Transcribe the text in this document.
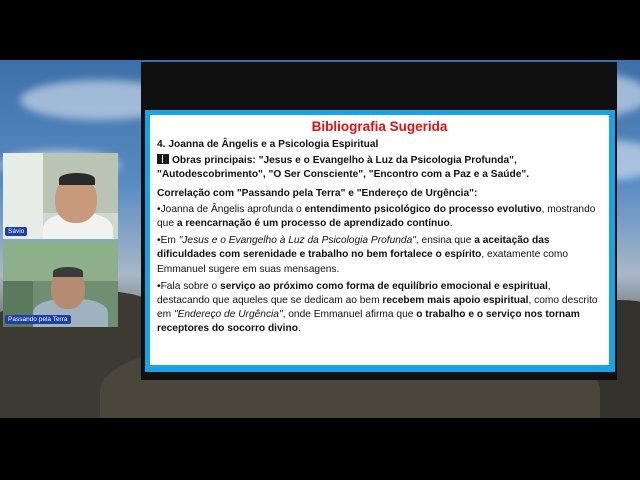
Bibliografia Sugerida

4. Joanna de Ângelis e a Psicologia Espiritual

Obras principais: "Jesus e o Evangelho à Luz da Psicologia Profunda", "Autodescobrimento", "O Ser Consciente", "Encontro com a Paz e a Saúde".

Correlação com "Passando pela Terra" e "Endereço de Urgência":

•Joanna de Ângelis aprofunda o entendimento psicológico do processo evolutivo, mostrando que a reencarnação é um processo de aprendizado contínuo.

•Em "Jesus e o Evangelho à Luz da Psicologia Profunda", ensina que a aceitação das dificuldades com serenidade e trabalho no bem fortalece o espírito, exatamente como Emmanuel sugere em suas mensagens.

•Fala sobre o serviço ao próximo como forma de equilíbrio emocional e espiritual, destacando que aqueles que se dedicam ao bem recebem mais apoio espiritual, como descrito em "Endereço de Urgência", onde Emmanuel afirma que o trabalho e o serviço nos tornam receptores do socorro divino.

Sávio
Passando pela Terra
